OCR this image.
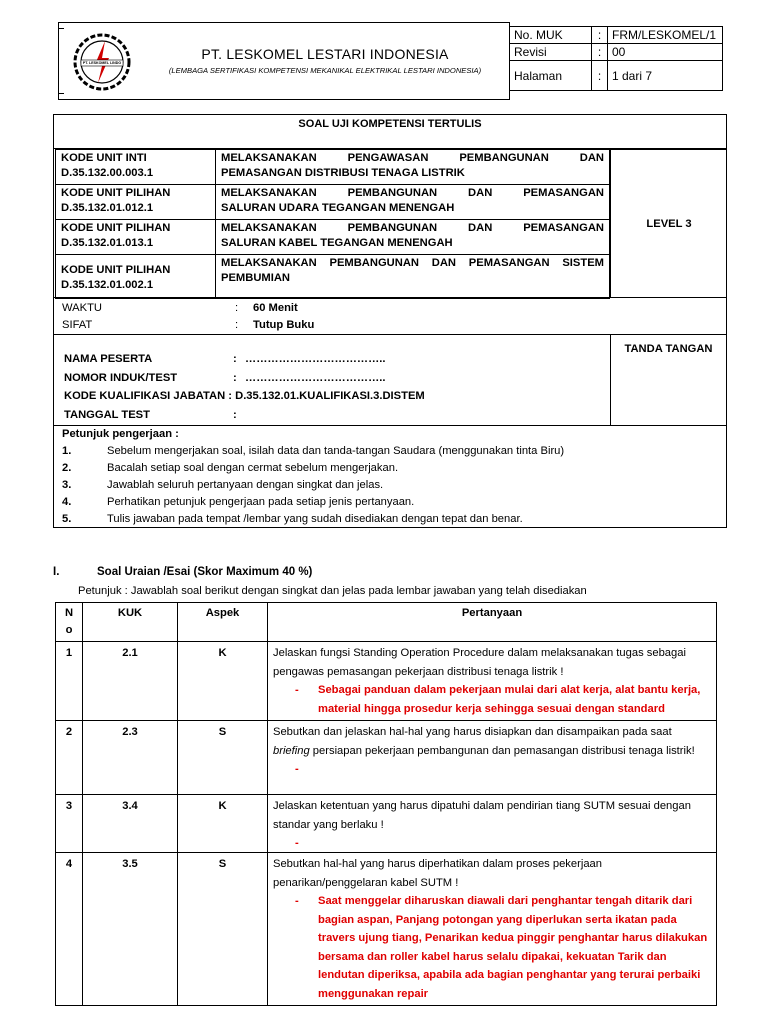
PT. LESKOMEL LINDO
PT. LESKOMEL LESTARI INDONESIA
(LEMBAGA SERTIFIKASI KOMPETENSI MEKANIKAL ELEKTRIKAL LESTARI INDONESIA)
No. MUK	:	FRM/LESKOMEL/1
Revisi	:	00
Halaman	:	1 dari 7
SOAL UJI KOMPETENSI TERTULIS
KODE UNIT INTI
D.35.132.00.003.1	MELAKSANAKAN PENGAWASAN PEMBANGUNAN DAN
PEMASANGAN DISTRIBUSI TENAGA LISTRIK

KODE UNIT PILIHAN
D.35.132.01.012.1	MELAKSANAKAN PEMBANGUNAN DAN PEMASANGAN
SALURAN UDARA TEGANGAN MENENGAH

KODE UNIT PILIHAN
D.35.132.01.013.1	MELAKSANAKAN PEMBANGUNAN DAN PEMASANGAN
SALURAN KABEL TEGANGAN MENENGAH

KODE UNIT PILIHAN
D.35.132.01.002.1	MELAKSANAKAN PEMBANGUNAN DAN PEMASANGAN SISTEM
PEMBUMIAN
LEVEL 3
WAKTU	: 60 Menit
SIFAT	: Tutup Buku
TANDA TANGAN
NAMA PESERTA	: ………………………………..
NOMOR INDUK/TEST	: ………………………………..
KODE KUALIFIKASI JABATAN : D.35.132.01.KUALIFIKASI.3.DISTEM
TANGGAL TEST	:
Petunjuk pengerjaan :
1.	Sebelum mengerjakan soal, isilah data dan tanda-tangan Saudara (menggunakan tinta Biru)
2.	Bacalah setiap soal dengan cermat sebelum mengerjakan.
3.	Jawablah seluruh pertanyaan dengan singkat dan jelas.
4.	Perhatikan petunjuk pengerjaan pada setiap jenis pertanyaan.
5.	Tulis jawaban pada tempat /lembar yang sudah disediakan dengan tepat dan benar.
I.	Soal Uraian /Esai (Skor Maximum 40 %)
Petunjuk : Jawablah soal berikut dengan singkat dan jelas pada lembar jawaban yang telah disediakan
N o	KUK	Aspek	Pertanyaan
1	2.1	K	Jelaskan fungsi Standing Operation Procedure dalam melaksanakan tugas sebagai pengawas pemasangan pekerjaan distribusi tenaga listrik !
- Sebagai panduan dalam pekerjaan mulai dari alat kerja, alat bantu kerja, material hingga prosedur kerja sehingga sesuai dengan standard

2	2.3	S	Sebutkan dan jelaskan hal-hal yang harus disiapkan dan disampaikan pada saat briefing persiapan pekerjaan pembangunan dan pemasangan distribusi tenaga listrik!
-

3	3.4	K	Jelaskan ketentuan yang harus dipatuhi dalam pendirian tiang SUTM sesuai dengan standar yang berlaku !
-

4	3.5	S	Sebutkan hal-hal yang harus diperhatikan dalam proses pekerjaan penarikan/penggelaran kabel SUTM !
- Saat menggelar diharuskan diawali dari penghantar tengah ditarik dari bagian aspan, Panjang potongan yang diperlukan serta ikatan pada travers ujung tiang, Penarikan kedua pinggir penghantar harus dilakukan bersama dan roller kabel harus selalu dipakai, kekuatan Tarik dan lendutan diperiksa, apabila ada bagian penghantar yang terurai perbaiki menggunakan repair
